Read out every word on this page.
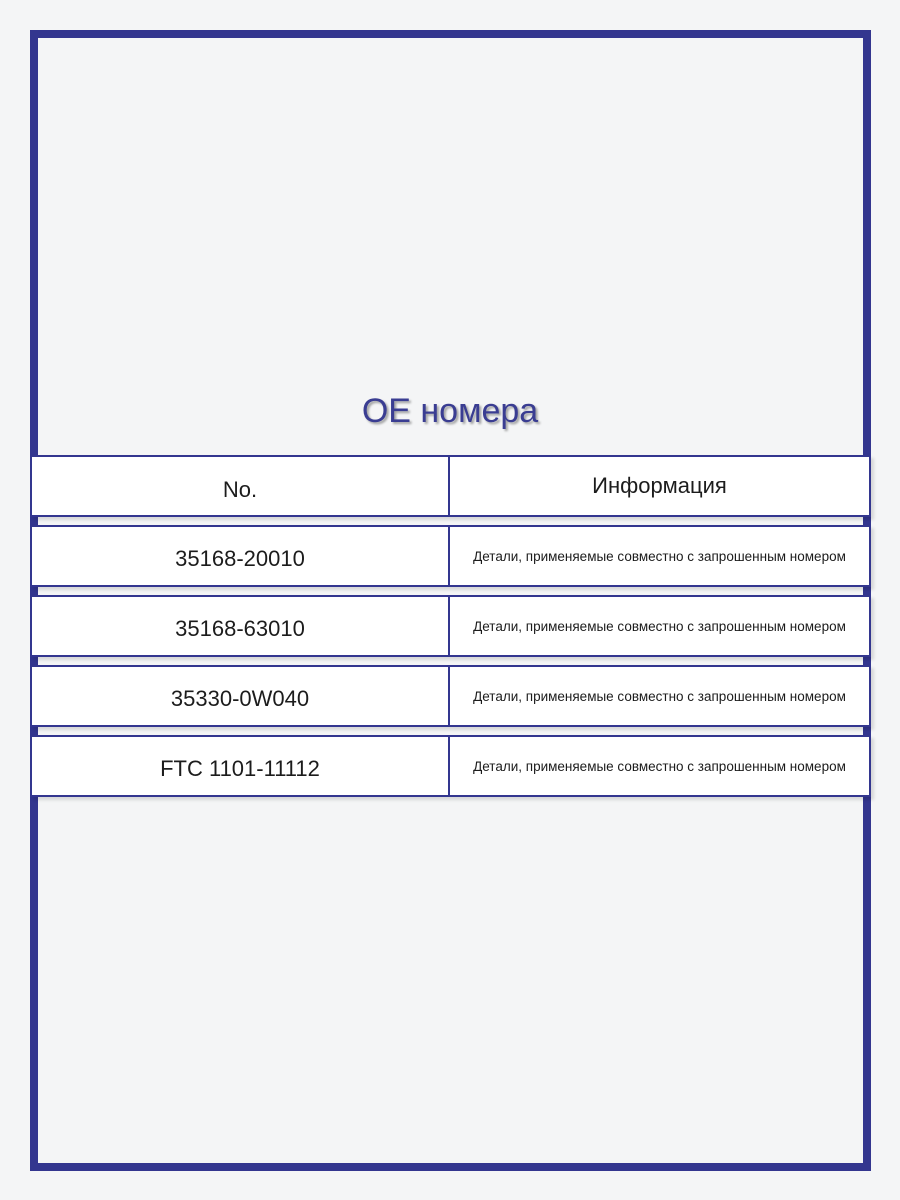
OE номера
No.	Информация
35168-20010	Детали, применяемые совместно с запрошенным номером
35168-63010	Детали, применяемые совместно с запрошенным номером
35330-0W040	Детали, применяемые совместно с запрошенным номером
FTC 1101-11112	Детали, применяемые совместно с запрошенным номером
